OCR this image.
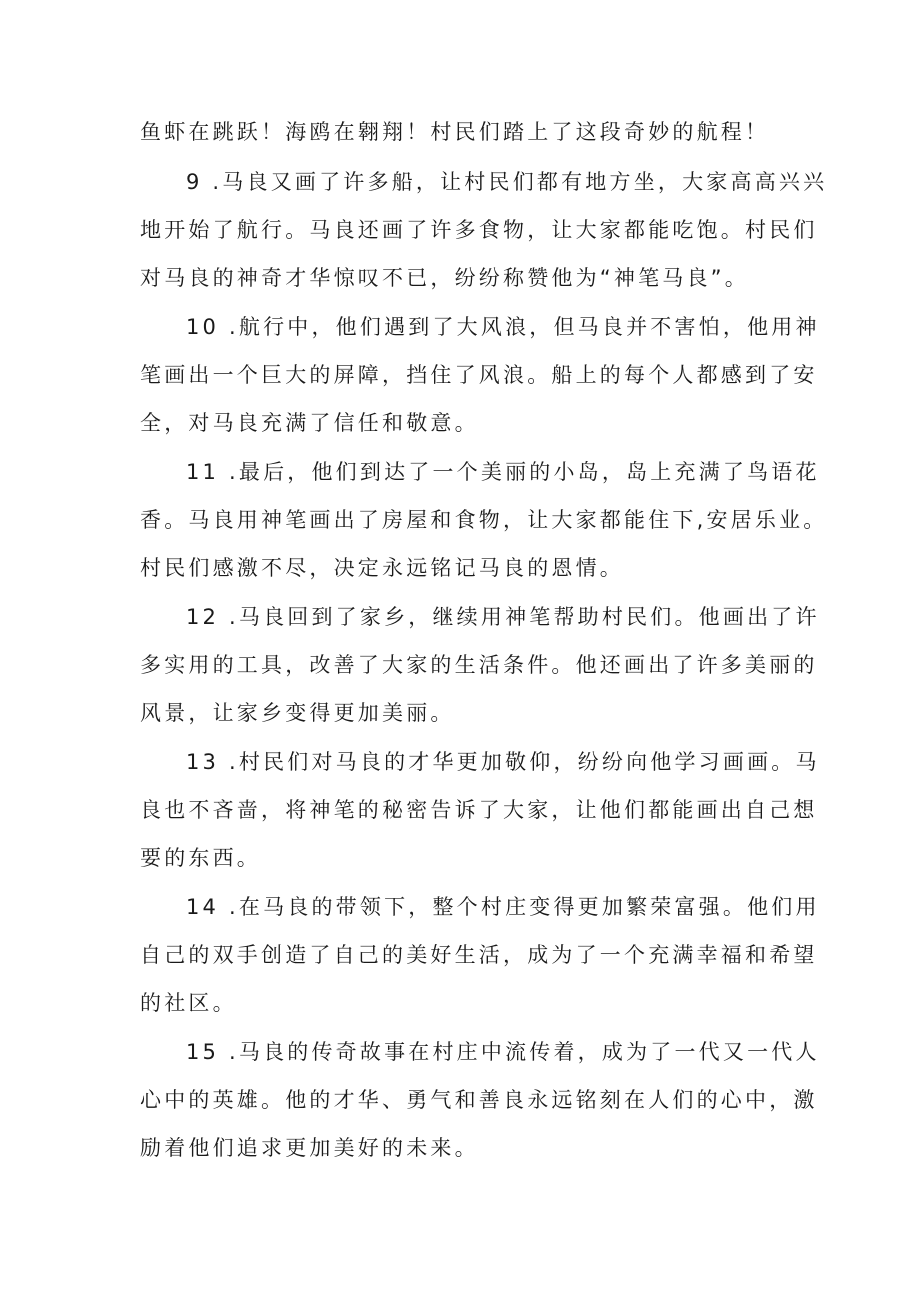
鱼虾在跳跃！海鸥在翱翔！村民们踏上了这段奇妙的航程！
9 .马良又画了许多船，让村民们都有地方坐，大家高高兴兴
地开始了航行。马良还画了许多食物，让大家都能吃饱。村民们
对马良的神奇才华惊叹不已，纷纷称赞他为“神笔马良”。
10 .航行中，他们遇到了大风浪，但马良并不害怕，他用神
笔画出一个巨大的屏障，挡住了风浪。船上的每个人都感到了安
全，对马良充满了信任和敬意。
11 .最后，他们到达了一个美丽的小岛，岛上充满了鸟语花
香。马良用神笔画出了房屋和食物，让大家都能住下,安居乐业。
村民们感激不尽，决定永远铭记马良的恩情。
12 .马良回到了家乡，继续用神笔帮助村民们。他画出了许
多实用的工具，改善了大家的生活条件。他还画出了许多美丽的
风景，让家乡变得更加美丽。
13 .村民们对马良的才华更加敬仰，纷纷向他学习画画。马
良也不吝啬，将神笔的秘密告诉了大家，让他们都能画出自己想
要的东西。
14 .在马良的带领下，整个村庄变得更加繁荣富强。他们用
自己的双手创造了自己的美好生活，成为了一个充满幸福和希望
的社区。
15 .马良的传奇故事在村庄中流传着，成为了一代又一代人
心中的英雄。他的才华、勇气和善良永远铭刻在人们的心中，激
励着他们追求更加美好的未来。
